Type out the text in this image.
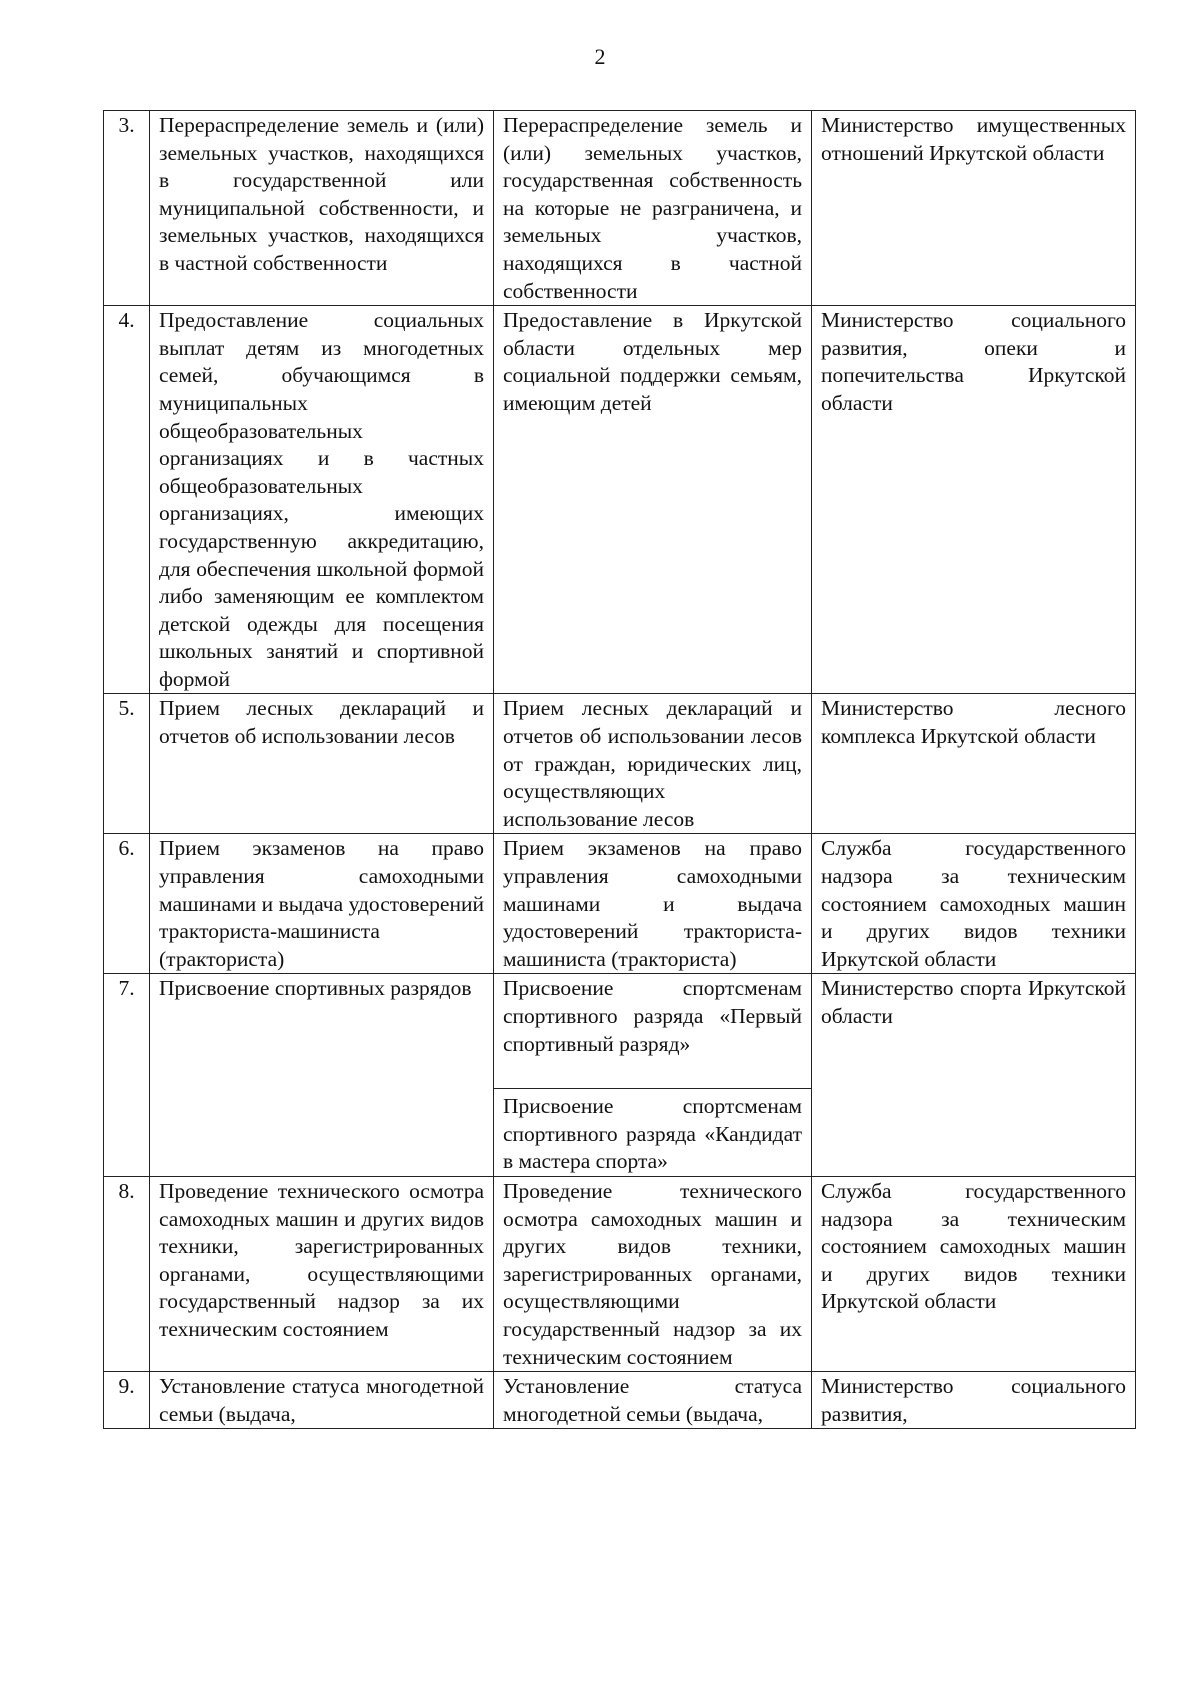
2
3.	Перераспределение земель и (или) земельных участков, находящихся в государственной или муниципальной собственности, и земельных участков, находящихся в частной собственности	Перераспределение земель и (или) земельных участков, государственная собственность на которые не разграничена, и земельных участков, находящихся в частной собственности	Министерство имущественных отношений Иркутской области
4.	Предоставление социальных выплат детям из многодетных семей, обучающимся в муниципальных общеобразовательных организациях и в частных общеобразовательных организациях, имеющих государственную аккредитацию, для обеспечения школьной формой либо заменяющим ее комплектом детской одежды для посещения школьных занятий и спортивной формой	Предоставление в Иркутской области отдельных мер социальной поддержки семьям, имеющим детей	Министерство социального развития, опеки и попечительства Иркутской области
5.	Прием лесных деклараций и отчетов об использовании лесов	Прием лесных деклараций и отчетов об использовании лесов от граждан, юридических лиц, осуществляющих использование лесов	Министерство лесного комплекса Иркутской области
6.	Прием экзаменов на право управления самоходными машинами и выдача удостоверений тракториста-машиниста (тракториста)	Прием экзаменов на право управления самоходными машинами и выдача удостоверений тракториста-машиниста (тракториста)	Служба государственного надзора за техническим состоянием самоходных машин и других видов техники Иркутской области
7.	Присвоение спортивных разрядов	Присвоение спортсменам спортивного разряда «Первый спортивный разряд»
Присвоение спортсменам спортивного разряда «Кандидат в мастера спорта»	Министерство спорта Иркутской области
8.	Проведение технического осмотра самоходных машин и других видов техники, зарегистрированных органами, осуществляющими государственный надзор за их техническим состоянием	Проведение технического осмотра самоходных машин и других видов техники, зарегистрированных органами, осуществляющими государственный надзор за их техническим состоянием	Служба государственного надзора за техническим состоянием самоходных машин и других видов техники Иркутской области
9.	Установление статуса многодетной семьи (выдача,	Установление статуса многодетной семьи (выдача,	Министерство социального развития,
